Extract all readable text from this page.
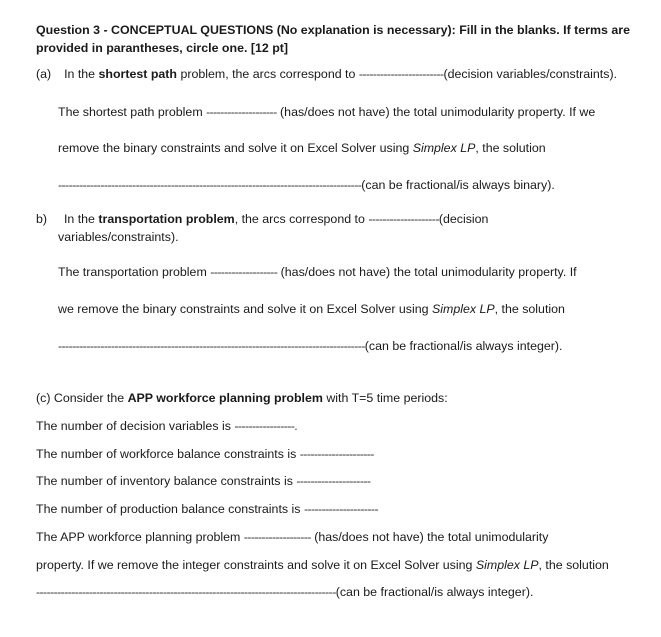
Question 3 - CONCEPTUAL QUESTIONS (No explanation is necessary): Fill in the blanks. If terms are
provided in parantheses, circle one. [12 pt]
(a) In the shortest path problem, the arcs correspond to ------------------------(decision variables/constraints).
The shortest path problem -------------------- (has/does not have) the total unimodularity property. If we
remove the binary constraints and solve it on Excel Solver using Simplex LP, the solution
--------------------------------------------------------------------------------------(can be fractional/is always binary).
b) In the transportation problem, the arcs correspond to --------------------(decision
variables/constraints).
The transportation problem ------------------- (has/does not have) the total unimodularity property. If
we remove the binary constraints and solve it on Excel Solver using Simplex LP, the solution
---------------------------------------------------------------------------------------(can be fractional/is always integer).
(c) Consider the APP workforce planning problem with T=5 time periods:
The number of decision variables is -----------------.
The number of workforce balance constraints is ---------------------
The number of inventory balance constraints is ---------------------
The number of production balance constraints is ---------------------
The APP workforce planning problem ------------------- (has/does not have) the total unimodularity
property. If we remove the integer constraints and solve it on Excel Solver using Simplex LP, the solution
-------------------------------------------------------------------------------------(can be fractional/is always integer).
